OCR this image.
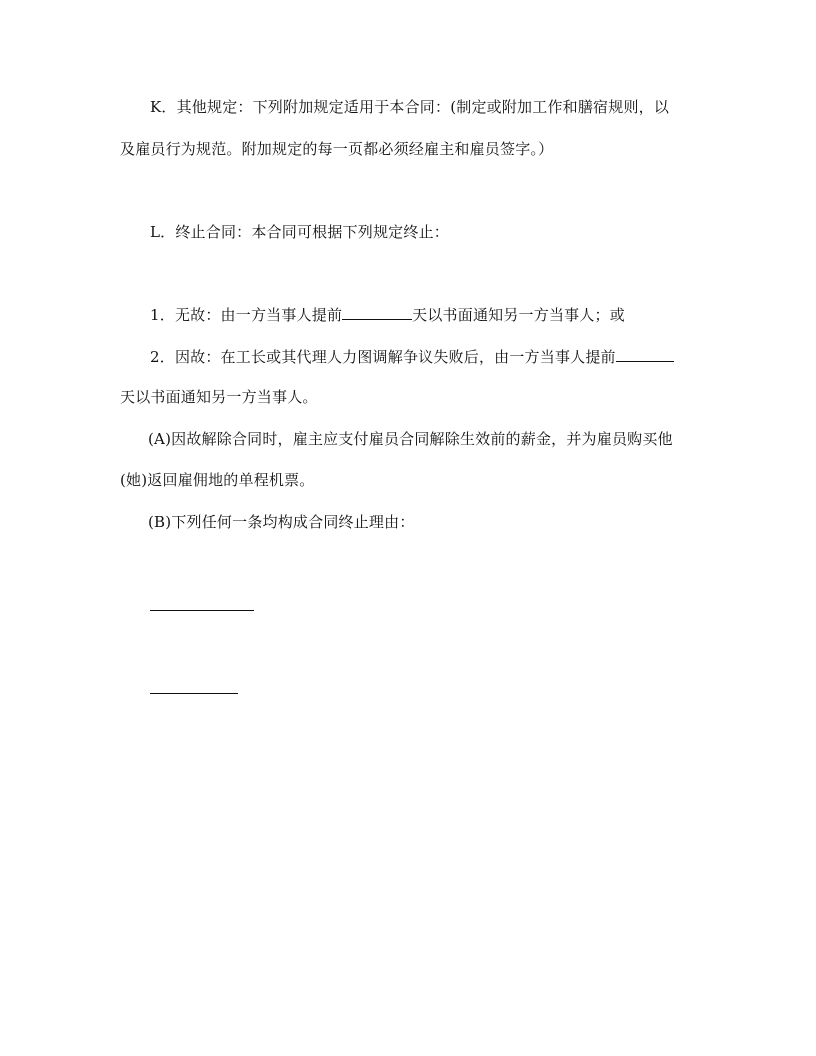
K．其他规定：下列附加规定适用于本合同：(制定或附加工作和膳宿规则，以
及雇员行为规范。附加规定的每一页都必须经雇主和雇员签字。）
L．终止合同：本合同可根据下列规定终止：
1．无故：由一方当事人提前	天以书面通知另一方当事人；或
2．因故：在工长或其代理人力图调解争议失败后，由一方当事人提前
天以书面通知另一方当事人。
(A)因故解除合同时，雇主应支付雇员合同解除生效前的薪金，并为雇员购买他
(她)返回雇佣地的单程机票。
(B)下列任何一条均构成合同终止理由：
